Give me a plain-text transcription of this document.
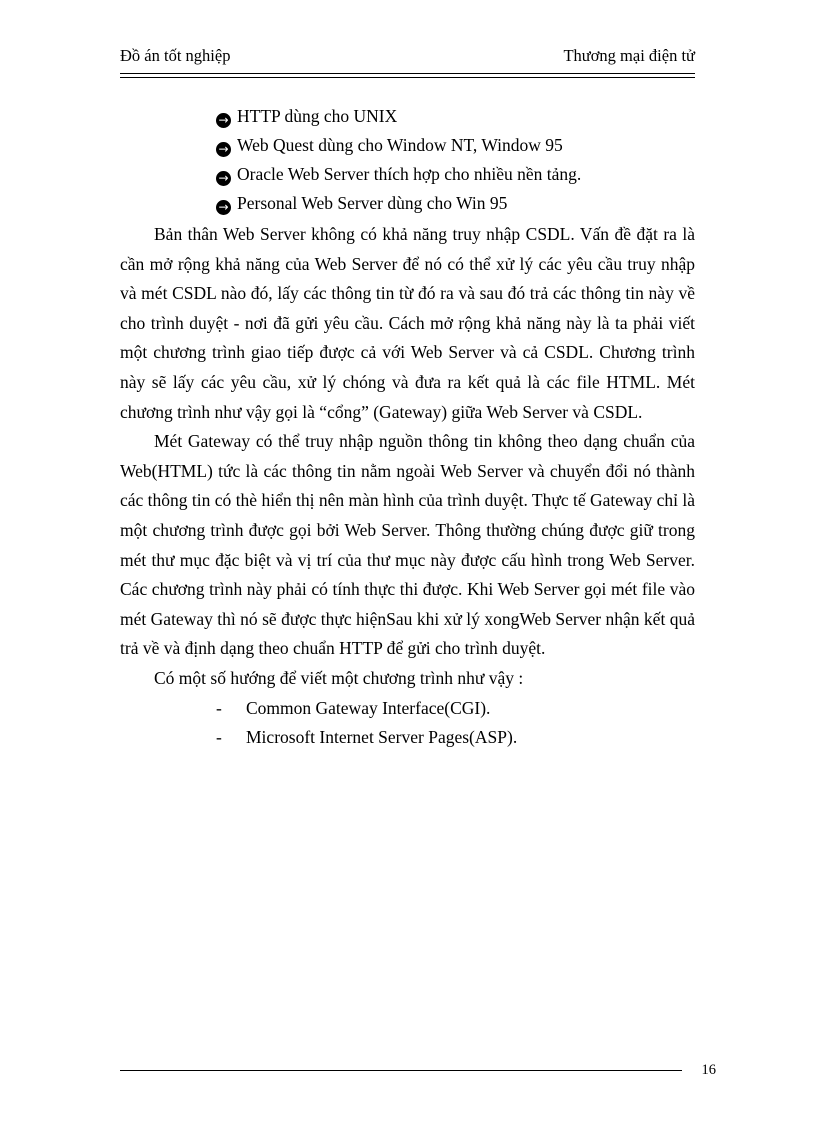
Đồ án tốt nghiệp	Thương mại điện tử
→ HTTP dùng cho UNIX
→ Web Quest dùng cho Window NT, Window 95
→ Oracle Web Server thích hợp cho nhiều nền tảng.
→ Personal Web Server dùng cho Win 95

Bản thân Web Server không có khả năng truy nhập CSDL. Vấn đề đặt ra là cần mở rộng khả năng của Web Server để nó có thể xử lý các yêu cầu truy nhập và mét CSDL nào đó, lấy các thông tin từ đó ra và sau đó trả các thông tin này về cho trình duyệt - nơi đã gửi yêu cầu. Cách mở rộng khả năng này là ta phải viết một chương trình giao tiếp được cả với Web Server và cả CSDL. Chương trình này sẽ lấy các yêu cầu, xử lý chóng và đưa ra kết quả là các file HTML. Mét chương trình như vậy gọi là “cổng” (Gateway) giữa Web Server và CSDL.

Mét Gateway có thể truy nhập nguồn thông tin không theo dạng chuẩn của Web(HTML) tức là các thông tin nằm ngoài Web Server và chuyển đổi nó thành các thông tin có thè hiển thị nên màn hình của trình duyệt. Thực tế Gateway chỉ là một chương trình được gọi bởi Web Server. Thông thường chúng được giữ trong mét thư mục đặc biệt và vị trí của thư mục này được cấu hình trong Web Server. Các chương trình này phải có tính thực thi được. Khi Web Server gọi mét file vào mét Gateway thì nó sẽ được thực hiệnSau khi xử lý xongWeb Server nhận kết quả trả về và định dạng theo chuẩn HTTP để gửi cho trình duyệt.

Có một số hướng để viết một chương trình như vậy :

-	Common Gateway Interface(CGI).
-	Microsoft Internet Server Pages(ASP).
16
